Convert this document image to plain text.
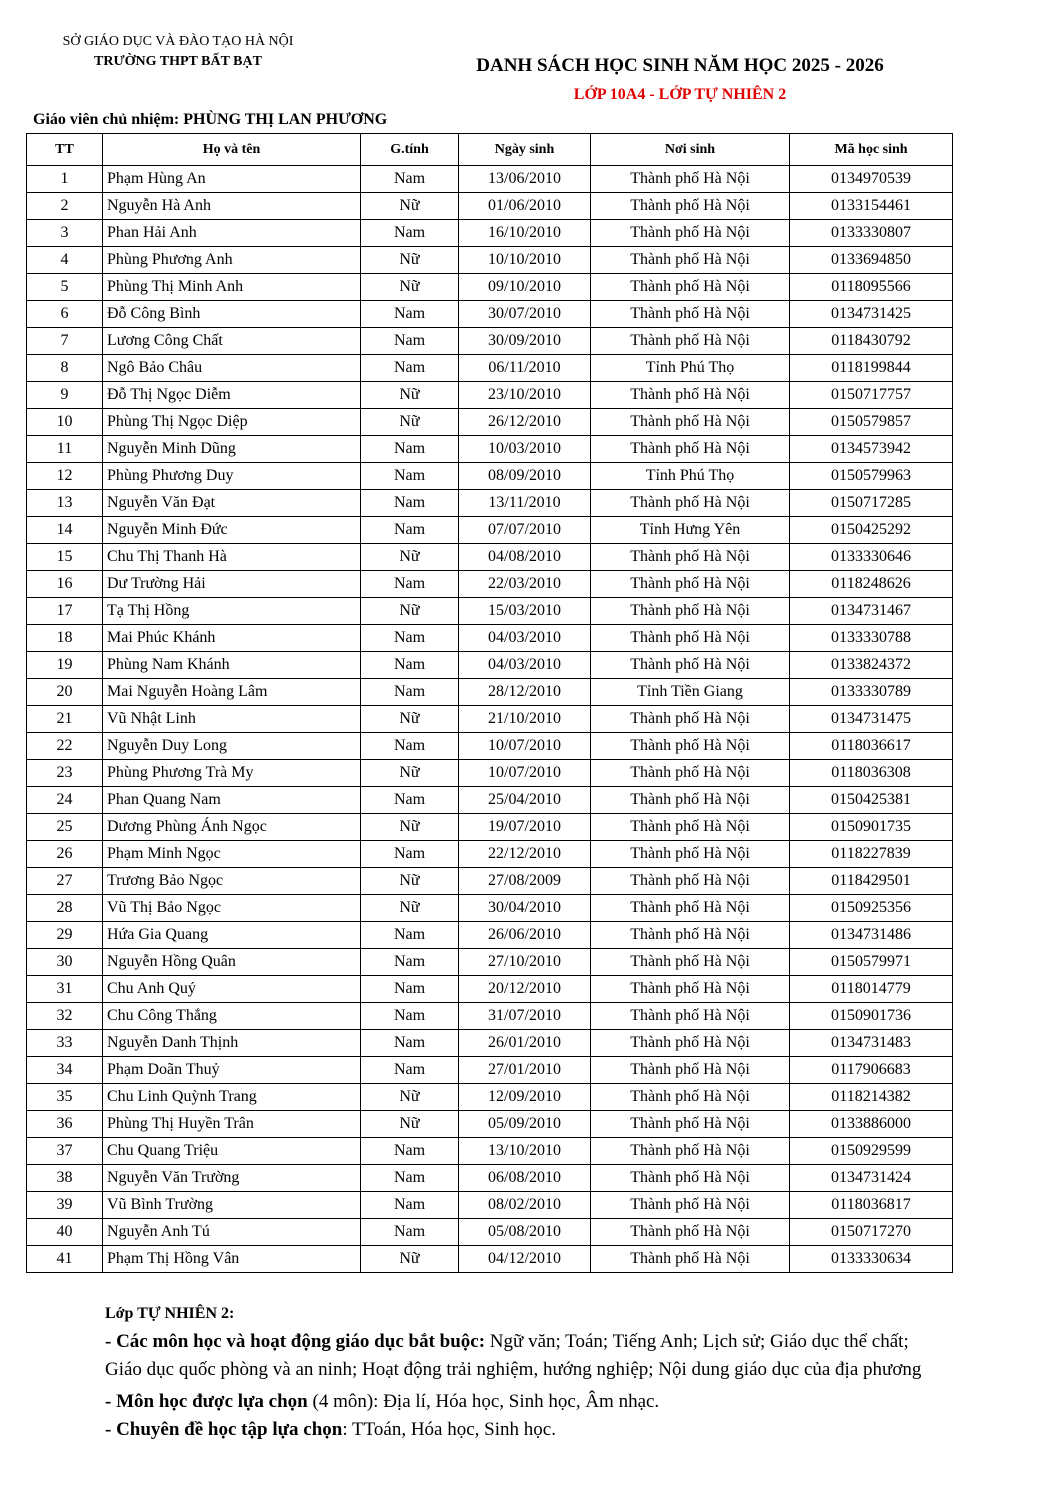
SỞ GIÁO DỤC VÀ ĐÀO TẠO HÀ NỘI
TRƯỜNG THPT BẤT BẠT	DANH SÁCH HỌC SINH NĂM HỌC 2025 - 2026
LỚP 10A4 - LỚP TỰ NHIÊN 2
Giáo viên chủ nhiệm: PHÙNG THỊ LAN PHƯƠNG
TT	Họ và tên	G.tính	Ngày sinh	Nơi sinh	Mã học sinh
1	Phạm Hùng An	Nam	13/06/2010	Thành phố Hà Nội	0134970539
2	Nguyễn Hà Anh	Nữ	01/06/2010	Thành phố Hà Nội	0133154461
3	Phan Hải Anh	Nam	16/10/2010	Thành phố Hà Nội	0133330807
4	Phùng Phương Anh	Nữ	10/10/2010	Thành phố Hà Nội	0133694850
5	Phùng Thị Minh Anh	Nữ	09/10/2010	Thành phố Hà Nội	0118095566
6	Đỗ Công Bình	Nam	30/07/2010	Thành phố Hà Nội	0134731425
7	Lương Công Chất	Nam	30/09/2010	Thành phố Hà Nội	0118430792
8	Ngô Bảo Châu	Nam	06/11/2010	Tỉnh Phú Thọ	0118199844
9	Đỗ Thị Ngọc Diễm	Nữ	23/10/2010	Thành phố Hà Nội	0150717757
10	Phùng Thị Ngọc Diệp	Nữ	26/12/2010	Thành phố Hà Nội	0150579857
11	Nguyễn Minh Dũng	Nam	10/03/2010	Thành phố Hà Nội	0134573942
12	Phùng Phương Duy	Nam	08/09/2010	Tỉnh Phú Thọ	0150579963
13	Nguyễn Văn Đạt	Nam	13/11/2010	Thành phố Hà Nội	0150717285
14	Nguyễn Minh Đức	Nam	07/07/2010	Tỉnh Hưng Yên	0150425292
15	Chu Thị Thanh Hà	Nữ	04/08/2010	Thành phố Hà Nội	0133330646
16	Dư Trường Hải	Nam	22/03/2010	Thành phố Hà Nội	0118248626
17	Tạ Thị Hồng	Nữ	15/03/2010	Thành phố Hà Nội	0134731467
18	Mai Phúc Khánh	Nam	04/03/2010	Thành phố Hà Nội	0133330788
19	Phùng Nam Khánh	Nam	04/03/2010	Thành phố Hà Nội	0133824372
20	Mai Nguyễn Hoàng Lâm	Nam	28/12/2010	Tỉnh Tiền Giang	0133330789
21	Vũ Nhật Linh	Nữ	21/10/2010	Thành phố Hà Nội	0134731475
22	Nguyễn Duy Long	Nam	10/07/2010	Thành phố Hà Nội	0118036617
23	Phùng Phương Trà My	Nữ	10/07/2010	Thành phố Hà Nội	0118036308
24	Phan Quang Nam	Nam	25/04/2010	Thành phố Hà Nội	0150425381
25	Dương Phùng Ánh Ngọc	Nữ	19/07/2010	Thành phố Hà Nội	0150901735
26	Phạm Minh Ngọc	Nam	22/12/2010	Thành phố Hà Nội	0118227839
27	Trương Bảo Ngọc	Nữ	27/08/2009	Thành phố Hà Nội	0118429501
28	Vũ Thị Bảo Ngọc	Nữ	30/04/2010	Thành phố Hà Nội	0150925356
29	Hứa Gia Quang	Nam	26/06/2010	Thành phố Hà Nội	0134731486
30	Nguyễn Hồng Quân	Nam	27/10/2010	Thành phố Hà Nội	0150579971
31	Chu Anh Quý	Nam	20/12/2010	Thành phố Hà Nội	0118014779
32	Chu Công Thắng	Nam	31/07/2010	Thành phố Hà Nội	0150901736
33	Nguyễn Danh Thịnh	Nam	26/01/2010	Thành phố Hà Nội	0134731483
34	Phạm Doãn Thuỷ	Nam	27/01/2010	Thành phố Hà Nội	0117906683
35	Chu Linh Quỳnh Trang	Nữ	12/09/2010	Thành phố Hà Nội	0118214382
36	Phùng Thị Huyền Trân	Nữ	05/09/2010	Thành phố Hà Nội	0133886000
37	Chu Quang Triệu	Nam	13/10/2010	Thành phố Hà Nội	0150929599
38	Nguyễn Văn Trường	Nam	06/08/2010	Thành phố Hà Nội	0134731424
39	Vũ Bình Trường	Nam	08/02/2010	Thành phố Hà Nội	0118036817
40	Nguyễn Anh Tú	Nam	05/08/2010	Thành phố Hà Nội	0150717270
41	Phạm Thị Hồng Vân	Nữ	04/12/2010	Thành phố Hà Nội	0133330634
Lớp TỰ NHIÊN 2:

- Các môn học và hoạt động giáo dục bắt buộc: Ngữ văn; Toán; Tiếng Anh; Lịch sử; Giáo dục thể chất; Giáo dục quốc phòng và an ninh; Hoạt động trải nghiệm, hướng nghiệp; Nội dung giáo dục của địa phương

- Môn học được lựa chọn (4 môn): Địa lí, Hóa học, Sinh học, Âm nhạc.

- Chuyên đề học tập lựa chọn: TToán, Hóa học, Sinh học.
